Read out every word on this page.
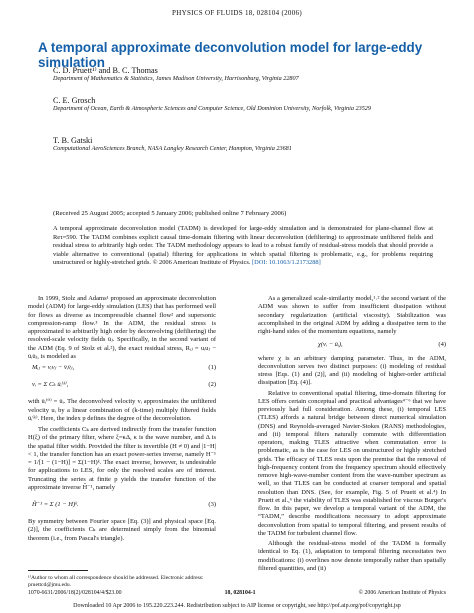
PHYSICS OF FLUIDS 18, 028104 (2006)
A temporal approximate deconvolution model for large-eddy simulation
C. D. Pruett¹⁾ and B. C. Thomas
Department of Mathematics & Statistics, James Madison University, Harrisonburg, Virginia 22807
C. E. Grosch
Department of Ocean, Earth & Atmospheric Sciences and Computer Science, Old Dominion University, Norfolk, Virginia 23529
T. B. Gatski
Computational AeroSciences Branch, NASA Langley Research Center, Hampton, Virginia 23681
(Received 25 August 2005; accepted 5 January 2006; published online 7 February 2006)
A temporal approximate deconvolution model (TADM) is developed for large-eddy simulation and is demonstrated for plane-channel flow at Reτ=590. The TADM combines explicit causal time-domain filtering with linear deconvolution (defiltering) to approximate unfiltered fields and residual stress to arbitrarily high order. The TADM methodology appears to lead to a robust family of residual-stress models that should provide a viable alternative to conventional (spatial) filtering for applications in which spatial filtering is problematic, e.g., for problems requiring unstructured or highly-stretched grids. © 2006 American Institute of Physics. [DOI: 10.1063/1.2173288]
In 1999, Stolz and Adams¹ proposed an approximate deconvolution model (ADM) for large-eddy simulation (LES) that has performed well for flows as diverse as incompressible channel flow² and supersonic compression-ramp flow.³ In the ADM, the residual stress is approximated to arbitrarily high order by deconvolving (defiltering) the resolved-scale velocity fields ūⱼ. Specifically, in the second variant of the ADM (Eq. 9 of Stolz et al.²), the exact residual stress, Rᵢⱼ = uᵢuⱼ − ūᵢūⱼ, is modeled as
Mᵢⱼ = vᵢvⱼ − v̄ᵢv̄ⱼ,	(1)
vᵢ = Σ Cₖ ūᵢ⁽ᵏ⁾,	(2)
with ūᵢ⁽⁰⁾ = ūᵢ. The deconvolved velocity vᵢ approximates the unfiltered velocity uᵢ by a linear combination of (k-time) multiply filtered fields ūᵢ⁽ᵏ⁾. Here, the index p defines the degree of the deconvolution.
The coefficients Cₖ are derived indirectly from the transfer function H(ξ) of the primary filter, where ξ=κΔ, κ is the wave number, and Δ is the spatial filter width. Provided the filter is invertible (H ≠ 0) and |1−H| < 1, the transfer function has an exact power-series inverse, namely H⁻¹ = 1/[1 − (1−H)] = Σ(1−H)ᵏ. The exact inverse, however, is undesirable for applications to LES, for only the resolved scales are of interest. Truncating the series at finite p yields the transfer function of the approximate inverse H̃⁻¹, namely
H̃⁻¹ = Σ (1 − H)ᵏ.	(3)
By symmetry between Fourier space [Eq. (3)] and physical space [Eq. (2)], the coefficients Cₖ are determined simply from the binomial theorem (i.e., from Pascal's triangle).
As a generalized scale-similarity model,¹˒² the second variant of the ADM was shown to suffer from insufficient dissipation without secondary regularization (artificial viscosity). Stabilization was accomplished in the original ADM by adding a dissipative term to the right-hand sides of the momentum equations, namely
χ(vᵢ − ūᵢ),	(4)
where χ is an arbitrary damping parameter. Thus, in the ADM, deconvolution serves two distinct purposes: (i) modeling of residual stress [Eqs. (1) and (2)], and (ii) modeling of higher-order artificial dissipation [Eq. (4)].
Relative to conventional spatial filtering, time-domain filtering for LES offers certain conceptual and practical advantages⁴⁻⁶ that we have previously had full consideration. Among these, (i) temporal LES (TLES) affords a natural bridge between direct numerical simulation (DNS) and Reynolds-averaged Navier-Stokes (RANS) methodologies, and (ii) temporal filters naturally commute with differentiation operators, making TLES attractive when commutation error is problematic, as is the case for LES on unstructured or highly stretched grids. The efficacy of TLES rests upon the premise that the removal of high-frequency content from the frequency spectrum should effectively remove high-wave-number content from the wave-number spectrum as well, so that TLES can be conducted at coarser temporal and spatial resolution than DNS. (See, for example, Fig. 5 of Pruett et al.⁴) In Pruett et al.,⁶ the viability of TLES was established for viscous Burger's flow. In this paper, we develop a temporal variant of the ADM, the “TADM,” describe modifications necessary to adopt approximate deconvolution from spatial to temporal filtering, and present results of the TADM for turbulent channel flow.
Although the residual-stress model of the TADM is formally identical to Eq. (1), adaptation to temporal filtering necessitates two modifications: (i) overlines now denote temporally rather than spatially filtered quantities, and (ii)
¹⁾Author to whom all correspondence should be addressed. Electronic address: pruettcd@jmu.edu.
1070-6631/2006/18(2)/028104/4/$23.00	18, 028104-1	© 2006 American Institute of Physics
Downloaded 10 Apr 2006 to 195.220.223.244. Redistribution subject to AIP license or copyright, see http://pof.aip.org/pof/copyright.jsp
